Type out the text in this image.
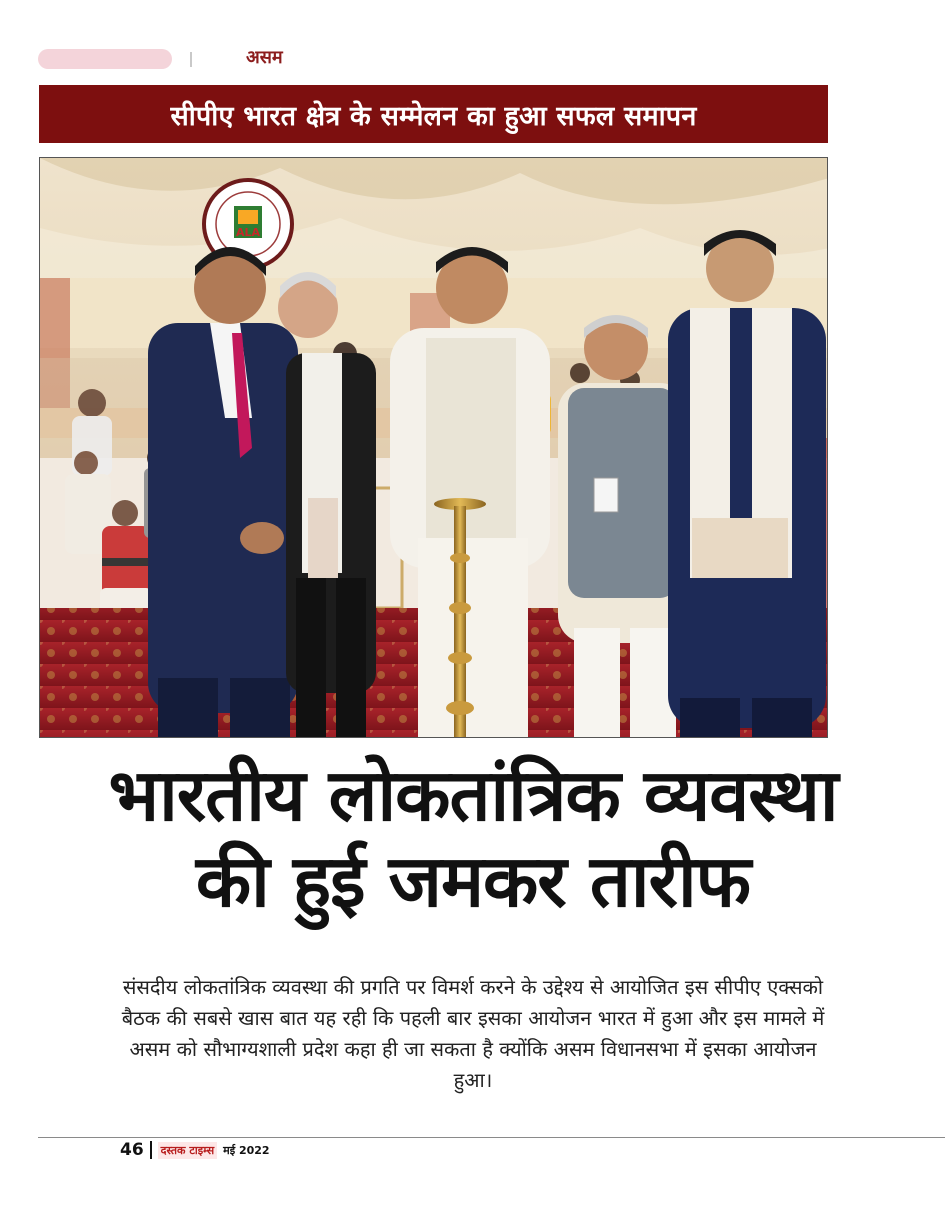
असम
सीपीए भारत क्षेत्र के सम्मेलन का हुआ सफल समापन
ALA
भारतीय लोकतांत्रिक व्यवस्था
की हुई जमकर तारीफ
संसदीय लोकतांत्रिक व्यवस्था की प्रगति पर विमर्श करने के उद्देश्य से आयोजित इस सीपीए एक्सको बैठक की सबसे खास बात यह रही कि पहली बार इसका आयोजन भारत में हुआ और इस मामले में असम को सौभाग्यशाली प्रदेश कहा ही जा सकता है क्योंकि असम विधानसभा में इसका आयोजन हुआ।
46 दस्तक टाइम्स मई 2022
